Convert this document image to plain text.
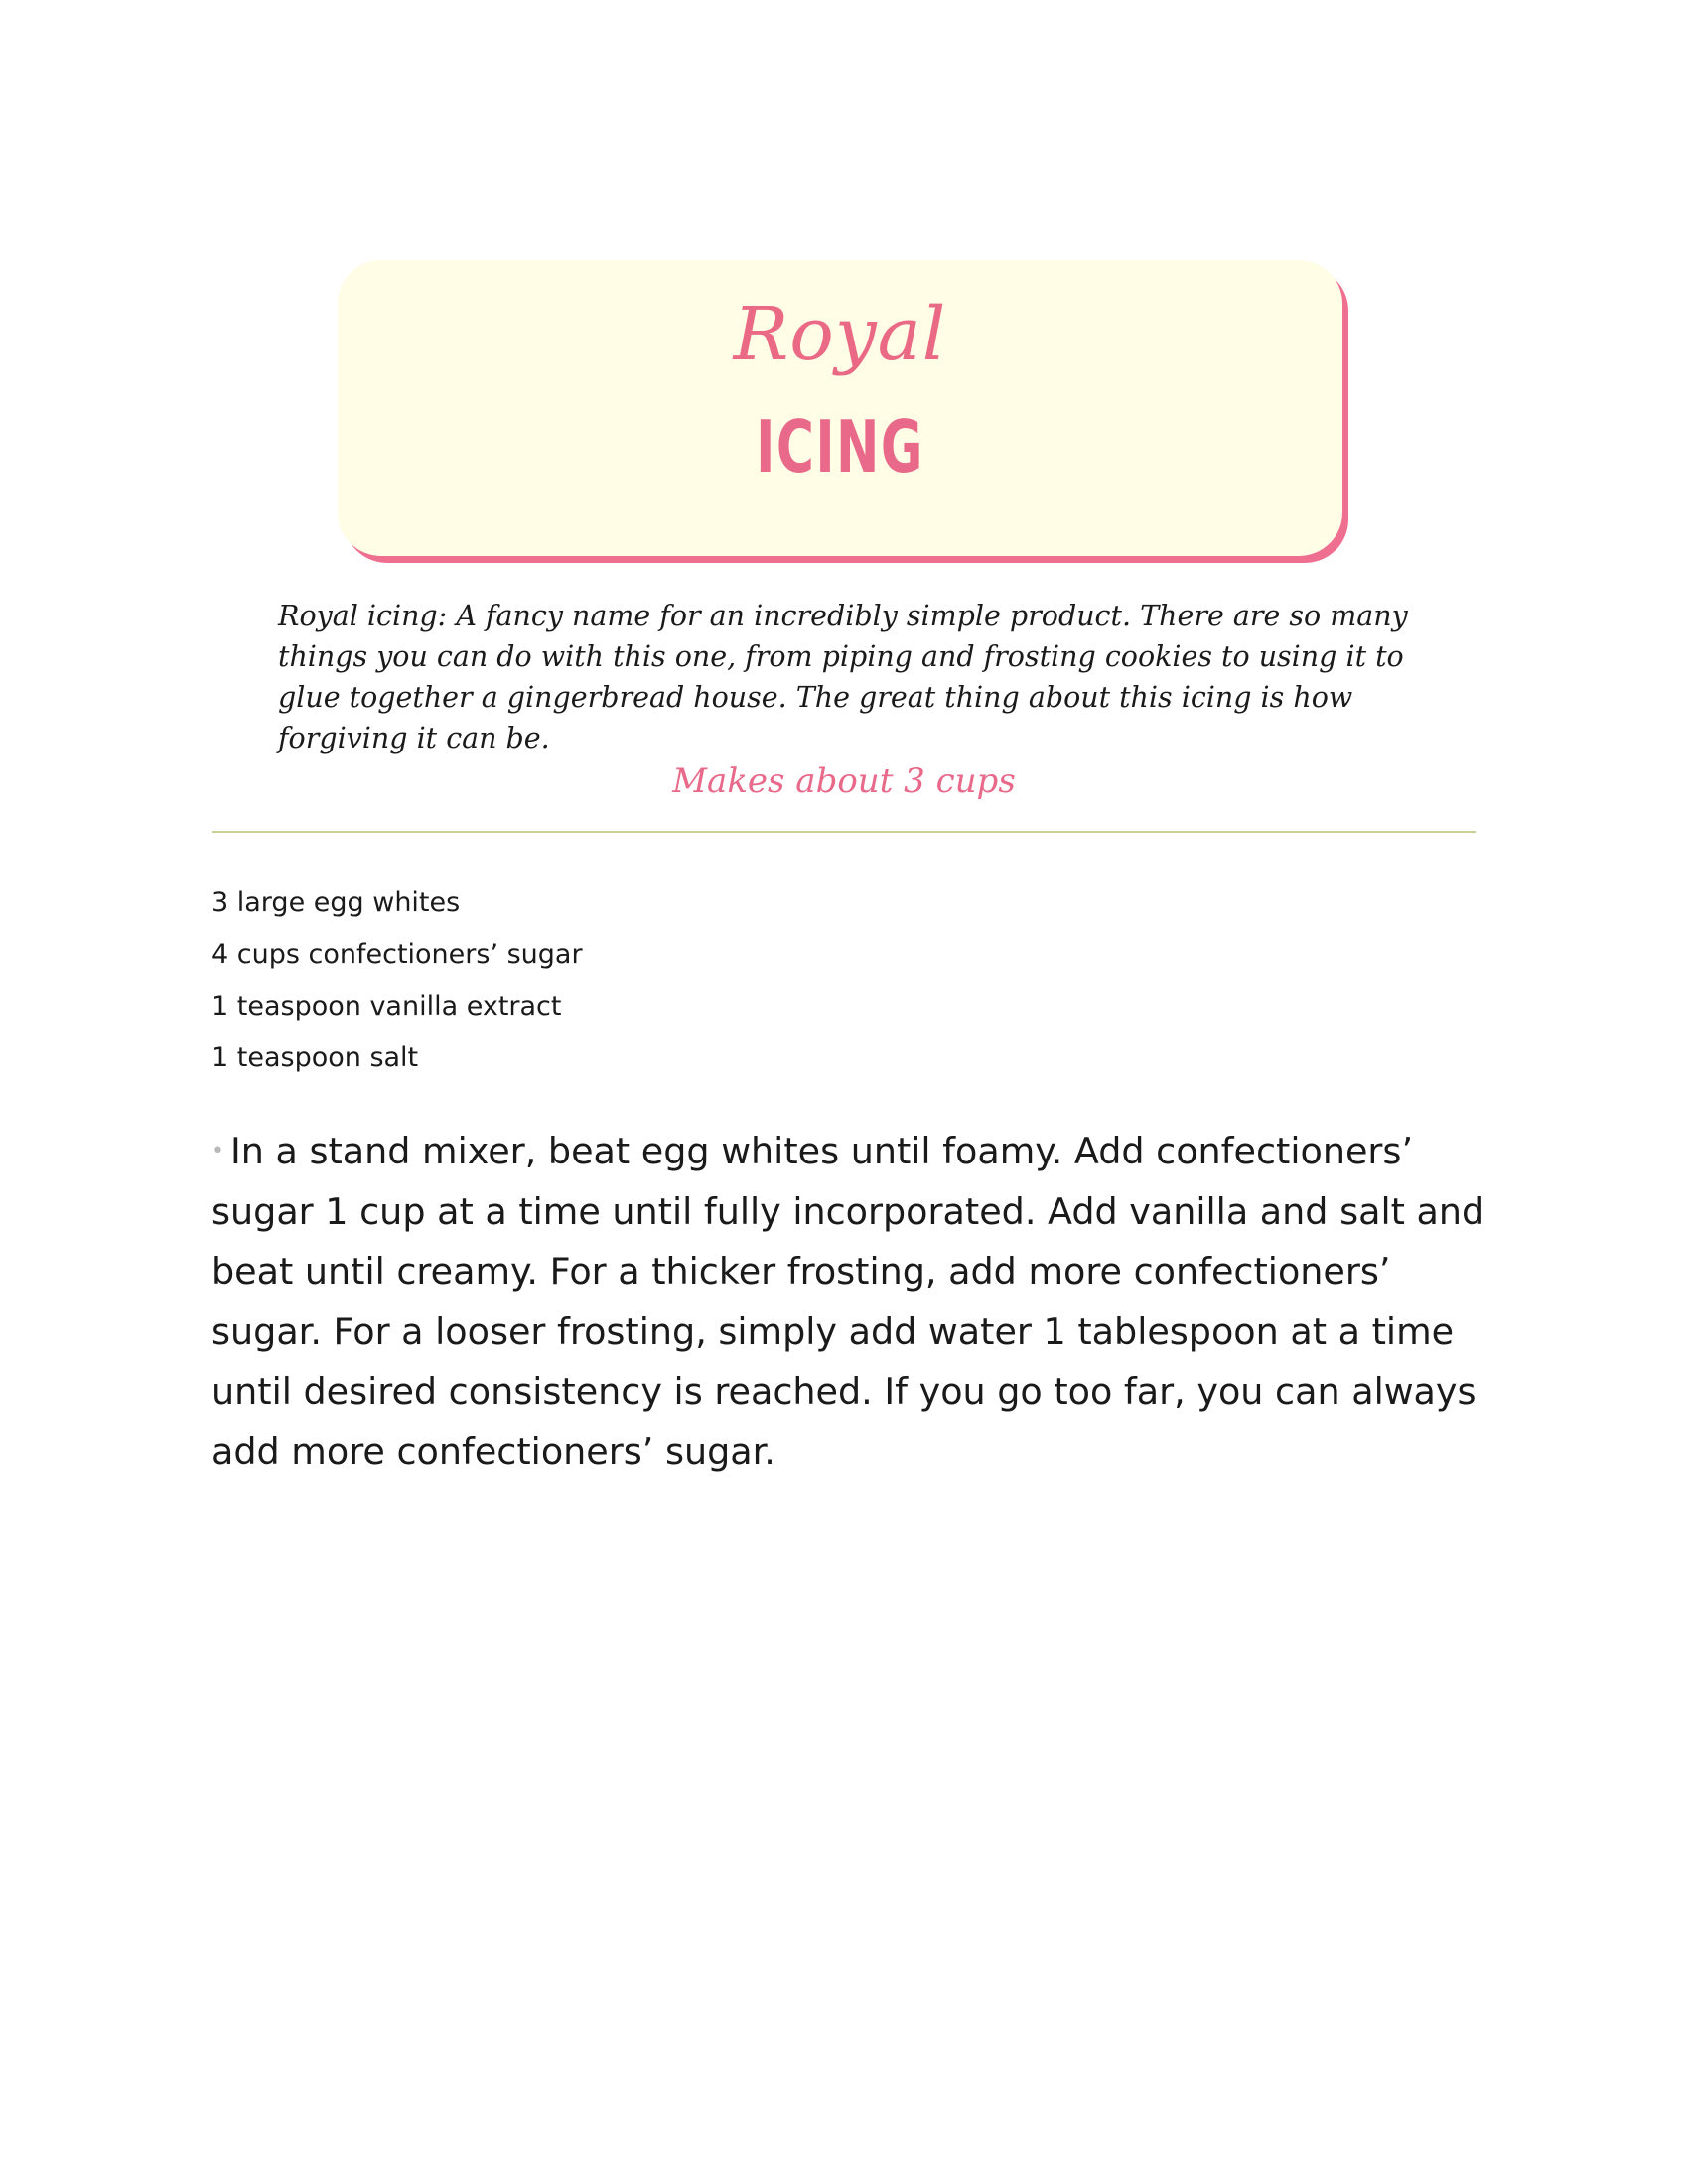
Royal
ICING

Royal icing: A fancy name for an incredibly simple product. There are so many things you can do with this one, from piping and frosting cookies to using it to glue together a gingerbread house. The great thing about this icing is how forgiving it can be.

Makes about 3 cups
3 large egg whites
4 cups confectioners’ sugar
1 teaspoon vanilla extract
1 teaspoon salt

• In a stand mixer, beat egg whites until foamy. Add confectioners’ sugar 1 cup at a time until fully incorporated. Add vanilla and salt and beat until creamy. For a thicker frosting, add more confectioners’ sugar. For a looser frosting, simply add water 1 tablespoon at a time until desired consistency is reached. If you go too far, you can always add more confectioners’ sugar.
